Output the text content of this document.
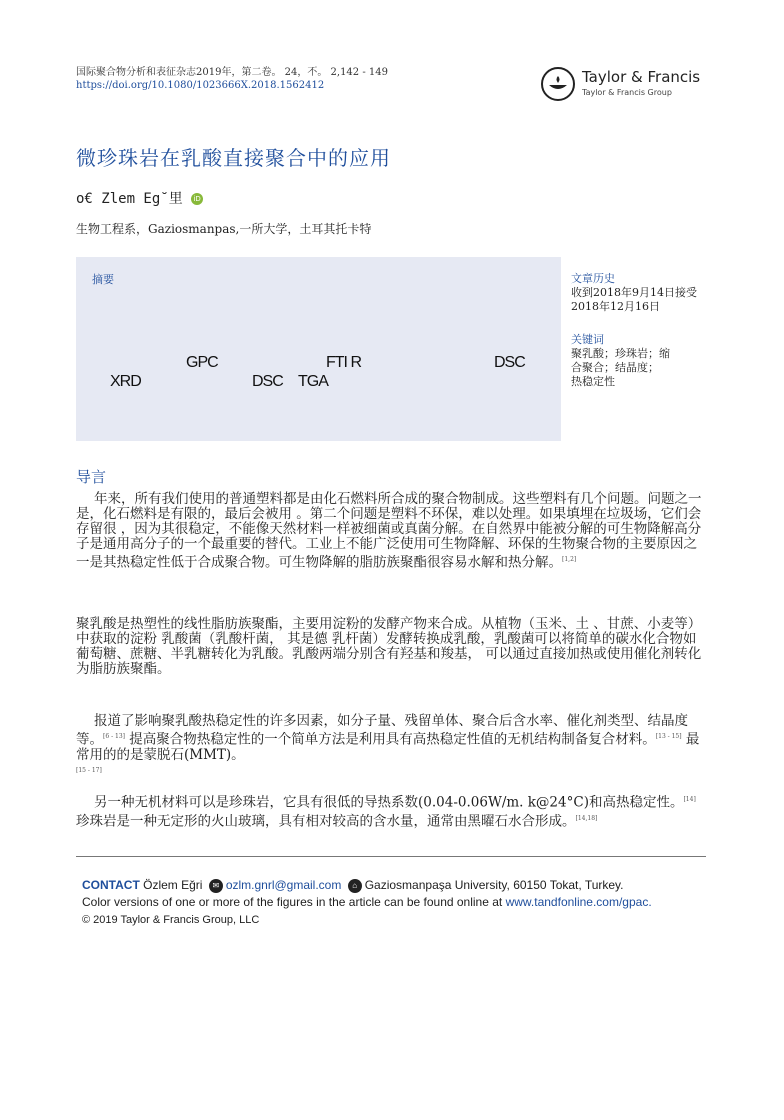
国际聚合物分析和表征杂志2019年，第二卷。 24，不。 2,142 - 149
https://doi.org/10.1080/1023666X.2018.1562412	Taylor & Francis
Taylor & Francis Group
微珍珠岩在乳酸直接聚合中的应用
o€ Zlem Eg˘里 iD
生物工程系，Gaziosmanpas,一所大学，土耳其托卡特
摘要
GPC	FTI R	DSC
XRD	DSC TGA
文章历史
收到2018年9月14日接受
2018年12月16日
关键词
聚乳酸；珍珠岩；缩
合聚合；结晶度；
热稳定性
导言

年来，所有我们使用的普通塑料都是由化石燃料所合成的聚合物制成。这些塑料有几个问题。问题之一是，化石燃料是有限的，最后会被用 。第二个问题是塑料不环保，难以处理。如果填埋在垃圾场，它们会存留很 ，因为其很稳定，不能像天然材料一样被细菌或真菌分解。在自然界中能被分解的可生物降解高分子是通用高分子的一个最重要的替代。工业上不能广泛使用可生物降解、环保的生物聚合物的主要原因之一是其热稳定性低于合成聚合物。可生物降解的脂肪族聚酯很容易水解和热分解。[1,2]

聚乳酸是热塑性的线性脂肪族聚酯，主要用淀粉的发酵产物来合成。从植物（玉米、土 、甘蔗、小麦等）中获取的淀粉 乳酸菌（乳酸杆菌， 其是德 乳杆菌）发酵转换成乳酸，乳酸菌可以将简单的碳水化合物如葡萄糖、蔗糖、半乳糖转化为乳酸。乳酸两端分别含有羟基和羧基， 可以通过直接加热或使用催化剂转化为脂肪族聚酯。

报道了影响聚乳酸热稳定性的许多因素，如分子量、残留单体、聚合后含水率、催化剂类型、结晶度等。[6 - 13] 提高聚合物热稳定性的一个简单方法是利用具有高热稳定性值的无机结构制备复合材料。[13 - 15] 最常用的的是蒙脱石(MMT)。
[15 - 17]

另一种无机材料可以是珍珠岩，它具有很低的导热系数(0.04-0.06W/m. k@24°C)和高热稳定性。[14] 珍珠岩是一种无定形的火山玻璃，具有相对较高的含水量，通常由黑曜石水合形成。[14,18]

CONTACT Özlem Eğri ✉ ozlm.gnrl@gmail.com ⌂ Gaziosmanpaşa University, 60150 Tokat, Turkey.
Color versions of one or more of the figures in the article can be found online at www.tandfonline.com/gpac.
© 2019 Taylor & Francis Group, LLC
